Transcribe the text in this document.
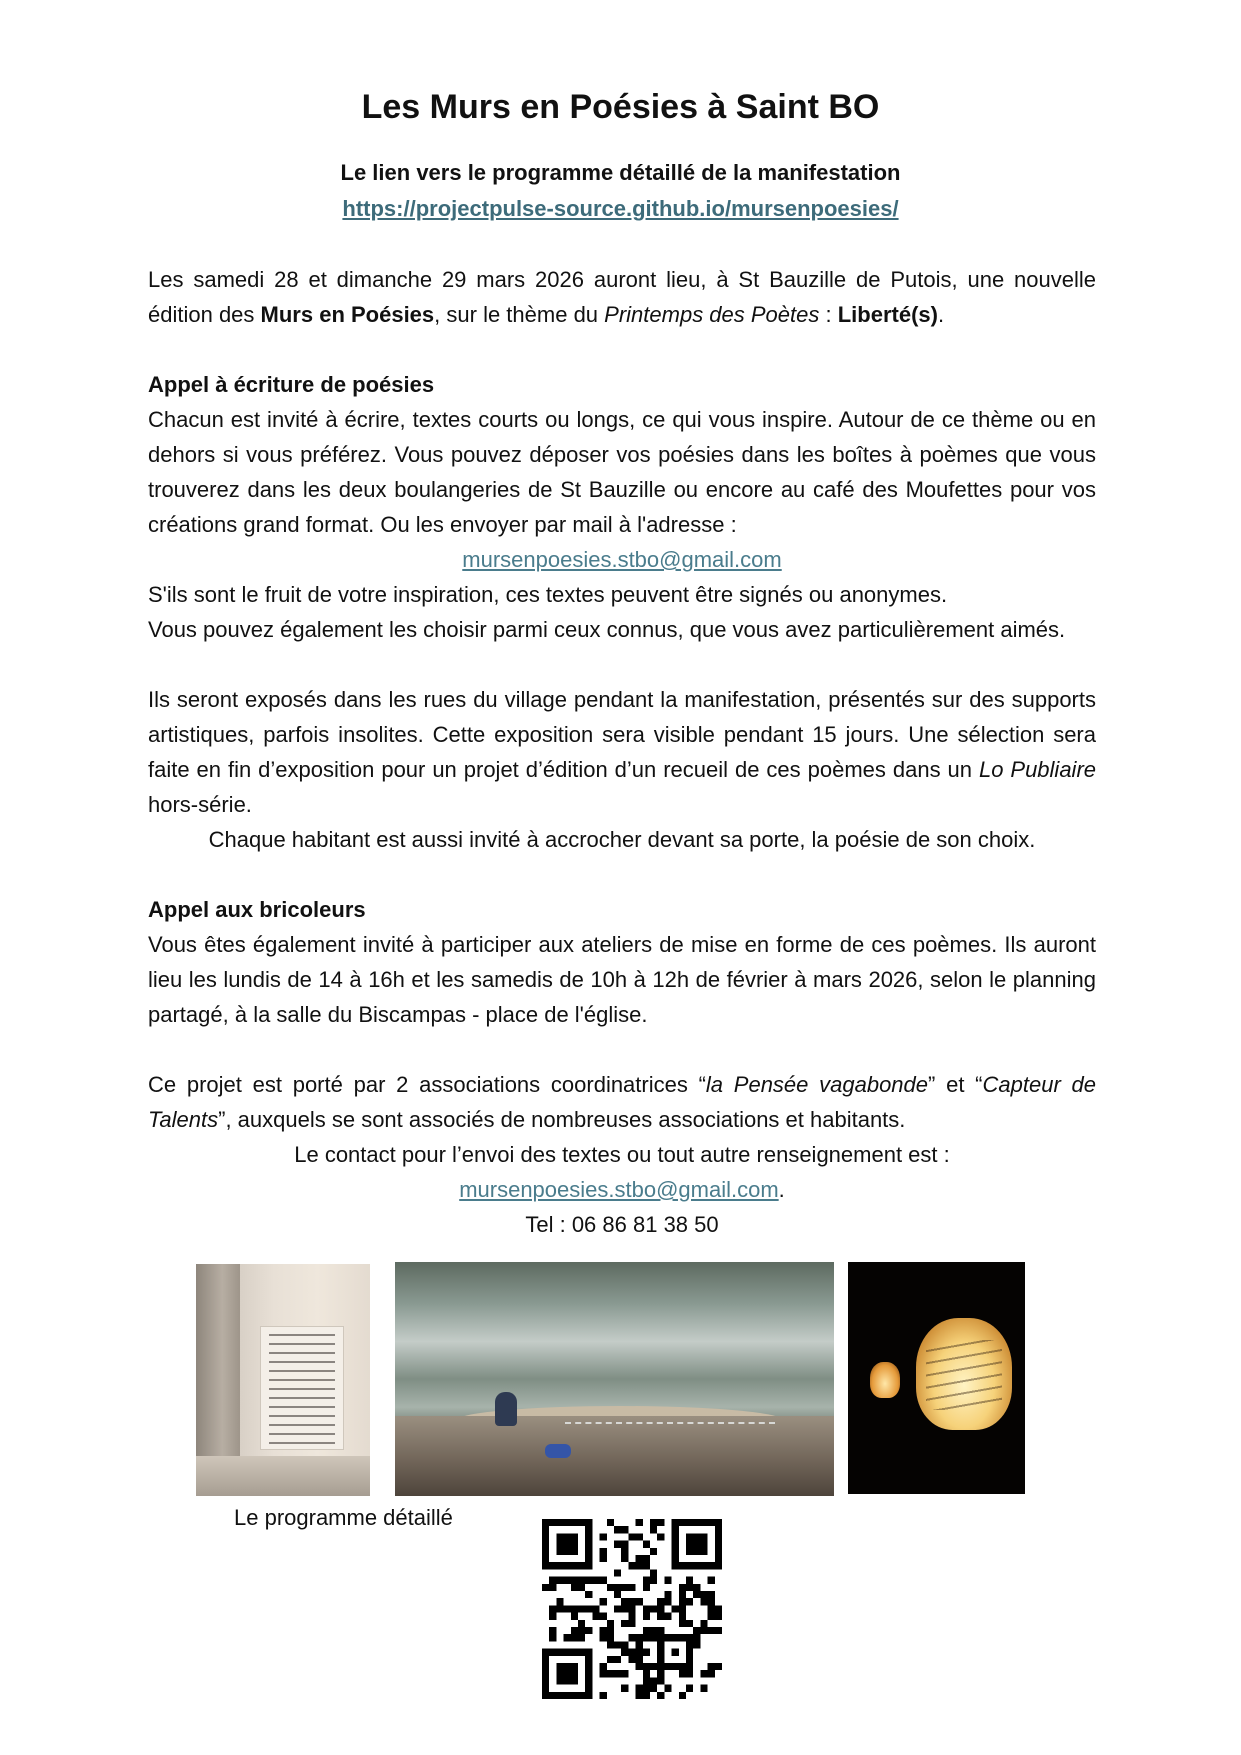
Les Murs en Poésies à Saint BO
Le lien vers le programme détaillé de la manifestation
https://projectpulse-source.github.io/mursenpoesies/
Les samedi 28 et dimanche 29 mars 2026 auront lieu, à St Bauzille de Putois, une nouvelle édition des Murs en Poésies, sur le thème du Printemps des Poètes : Liberté(s).
Appel à écriture de poésies
Chacun est invité à écrire, textes courts ou longs, ce qui vous inspire. Autour de ce thème ou en dehors si vous préférez. Vous pouvez déposer vos poésies dans les boîtes à poèmes que vous trouverez dans les deux boulangeries de St Bauzille ou encore au café des Moufettes pour vos créations grand format. Ou les envoyer par mail à l'adresse :
mursenpoesies.stbo@gmail.com
S'ils sont le fruit de votre inspiration, ces textes peuvent être signés ou anonymes.
Vous pouvez également les choisir parmi ceux connus, que vous avez particulièrement aimés.
Ils seront exposés dans les rues du village pendant la manifestation, présentés sur des supports artistiques, parfois insolites. Cette exposition sera visible pendant 15 jours. Une sélection sera faite en fin d’exposition pour un projet d’édition d’un recueil de ces poèmes dans un Lo Publiaire hors-série.
Chaque habitant est aussi invité à accrocher devant sa porte, la poésie de son choix.
Appel aux bricoleurs
Vous êtes également invité à participer aux ateliers de mise en forme de ces poèmes. Ils auront lieu les lundis de 14 à 16h et les samedis de 10h à 12h de février à mars 2026, selon le planning partagé, à la salle du Biscampas - place de l'église.
Ce projet est porté par 2 associations coordinatrices “la Pensée vagabonde” et “Capteur de Talents”, auxquels se sont associés de nombreuses associations et habitants.
Le contact pour l’envoi des textes ou tout autre renseignement est :
mursenpoesies.stbo@gmail.com.
Tel : 06 86 81 38 50
Le programme détaillé
